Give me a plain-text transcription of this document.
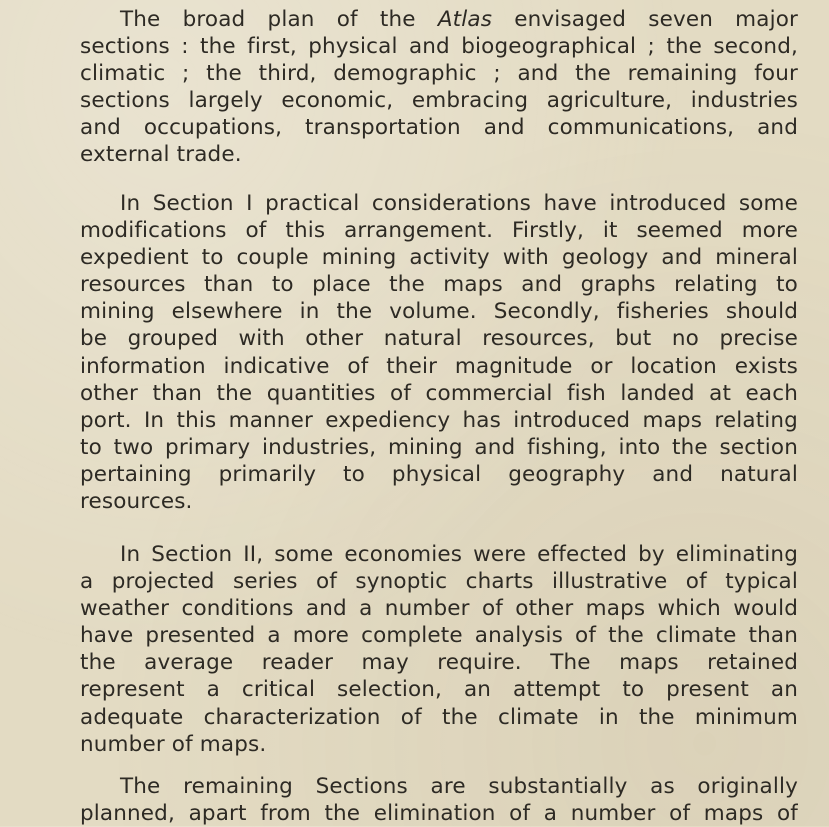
The broad plan of the Atlas envisaged seven major
sections : the first, physical and biogeographical ; the second,
climatic ; the third, demographic ; and the remaining four
sections largely economic, embracing agriculture, industries
and occupations, transportation and communications, and
external trade.
In Section I practical considerations have introduced some
modifications of this arrangement. Firstly, it seemed more
expedient to couple mining activity with geology and mineral
resources than to place the maps and graphs relating to
mining elsewhere in the volume. Secondly, fisheries should
be grouped with other natural resources, but no precise
information indicative of their magnitude or location exists
other than the quantities of commercial fish landed at each
port. In this manner expediency has introduced maps relating
to two primary industries, mining and fishing, into the section
pertaining primarily to physical geography and natural
resources.
In Section II, some economies were effected by eliminating
a projected series of synoptic charts illustrative of typical
weather conditions and a number of other maps which would
have presented a more complete analysis of the climate than
the average reader may require. The maps retained
represent a critical selection, an attempt to present an
adequate characterization of the climate in the minimum
number of maps.
The remaining Sections are substantially as originally
planned, apart from the elimination of a number of maps of
